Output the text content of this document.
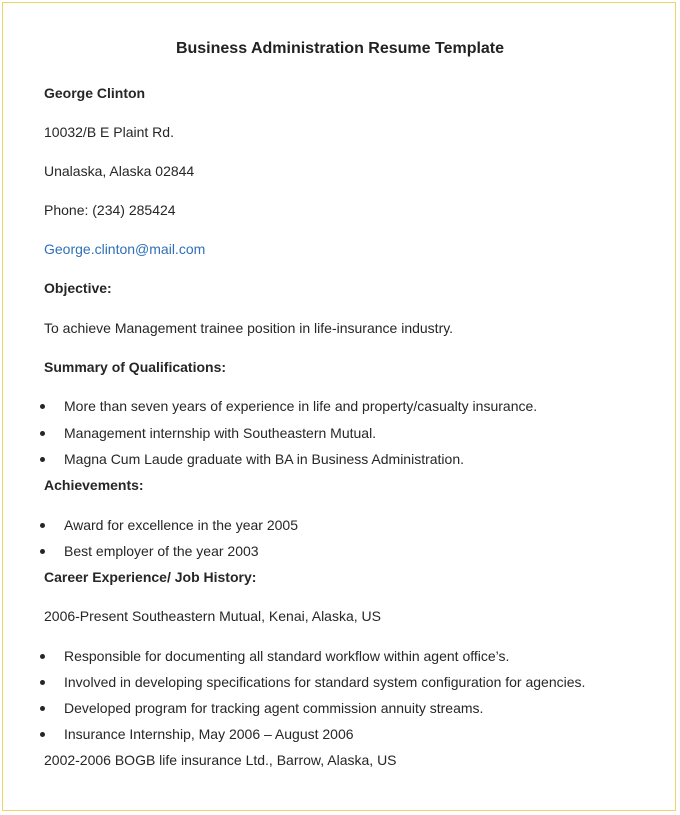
Business Administration Resume Template
George Clinton
10032/B E Plaint Rd.
Unalaska, Alaska 02844
Phone: (234) 285424
George.clinton@mail.com
Objective:
To achieve Management trainee position in life-insurance industry.
Summary of Qualifications:
More than seven years of experience in life and property/casualty insurance.
Management internship with Southeastern Mutual.
Magna Cum Laude graduate with BA in Business Administration.
Achievements:
Award for excellence in the year 2005
Best employer of the year 2003
Career Experience/ Job History:
2006-Present Southeastern Mutual, Kenai, Alaska, US
Responsible for documenting all standard workflow within agent office’s.
Involved in developing specifications for standard system configuration for agencies.
Developed program for tracking agent commission annuity streams.
Insurance Internship, May 2006 – August 2006
2002-2006 BOGB life insurance Ltd., Barrow, Alaska, US
